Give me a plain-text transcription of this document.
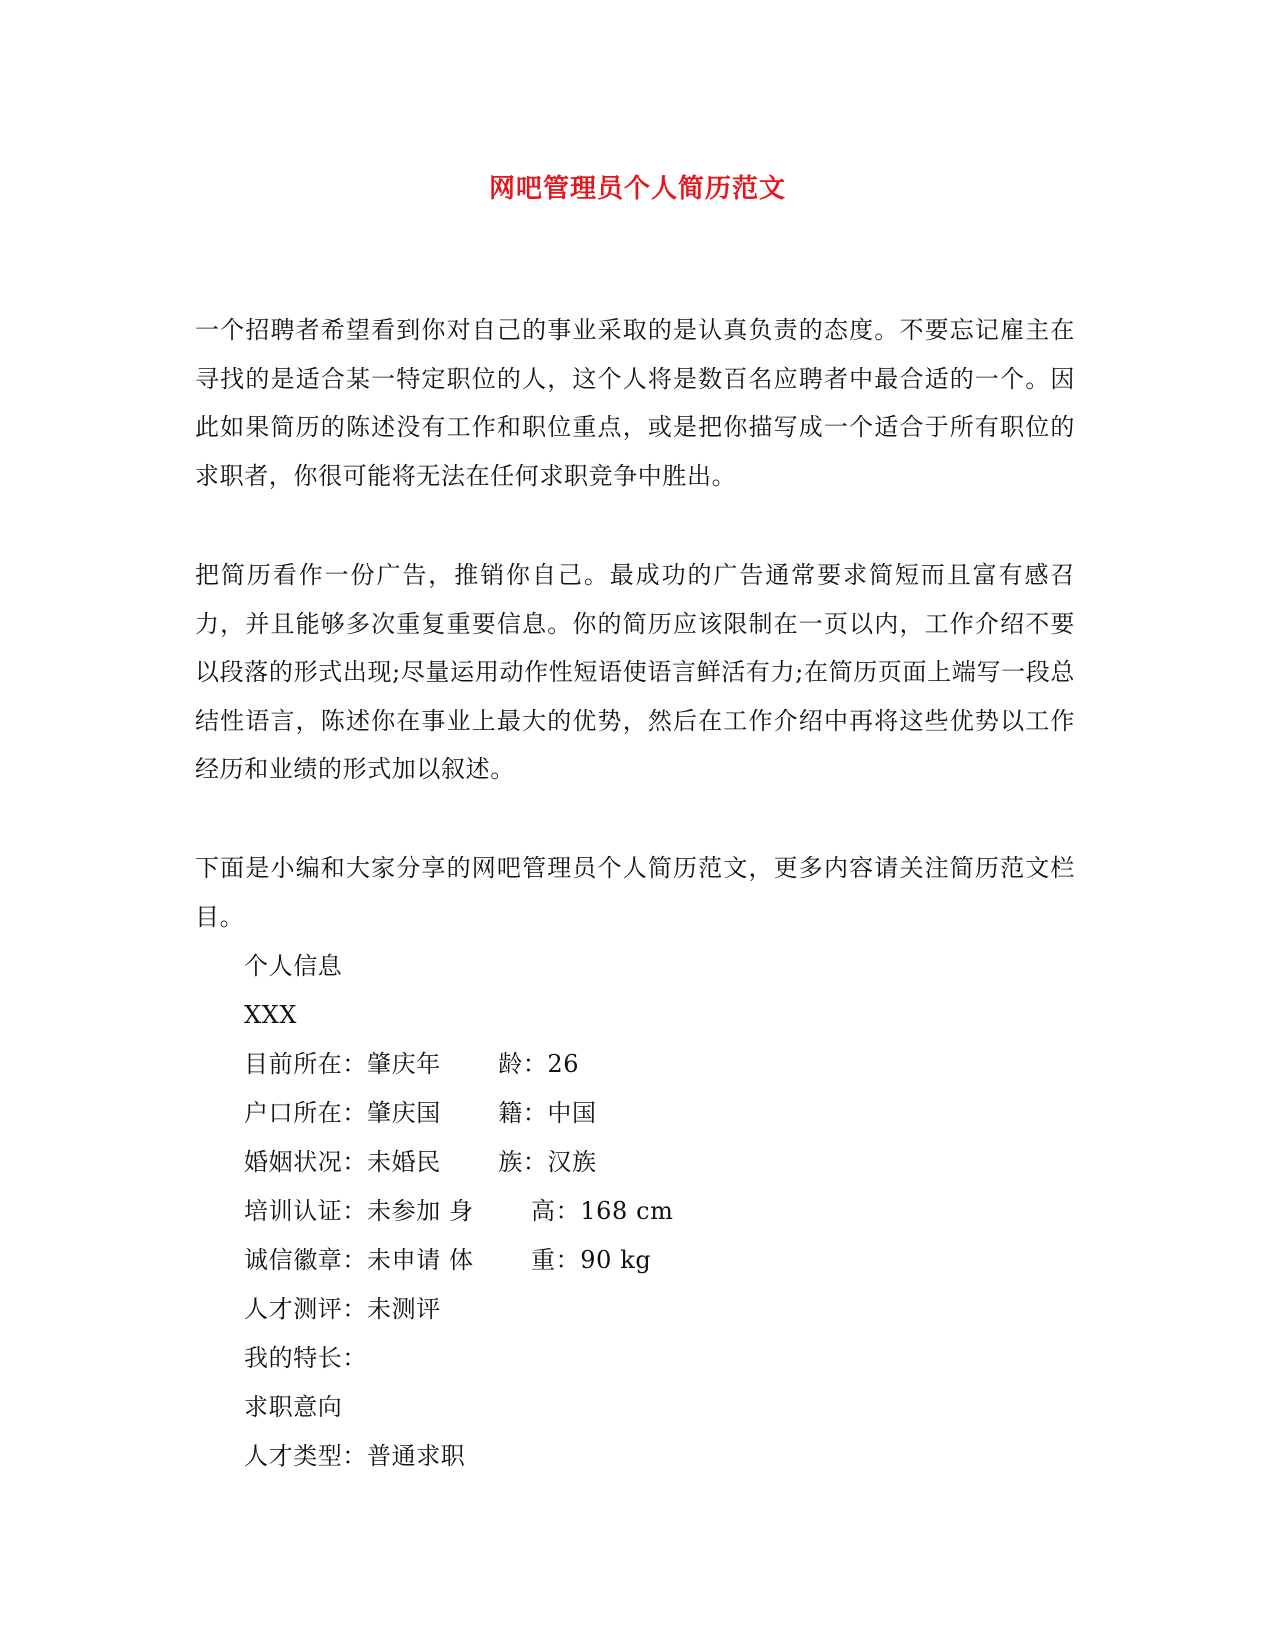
网吧管理员个人简历范文
一个招聘者希望看到你对自己的事业采取的是认真负责的态度。不要忘记雇主在寻找的是适合某一特定职位的人，这个人将是数百名应聘者中最合适的一个。因此如果简历的陈述没有工作和职位重点，或是把你描写成一个适合于所有职位的求职者，你很可能将无法在任何求职竞争中胜出。
把简历看作一份广告，推销你自己。最成功的广告通常要求简短而且富有感召力，并且能够多次重复重要信息。你的简历应该限制在一页以内，工作介绍不要以段落的形式出现;尽量运用动作性短语使语言鲜活有力;在简历页面上端写一段总结性语言，陈述你在事业上最大的优势，然后在工作介绍中再将这些优势以工作经历和业绩的形式加以叙述。
下面是小编和大家分享的网吧管理员个人简历范文，更多内容请关注简历范文栏目。
个人信息
XXX
目前所在：肇庆年　　 龄：26
户口所在：肇庆国　　 籍：中国
婚姻状况：未婚民　　 族：汉族
培训认证：未参加 身　　 高：168 cm
诚信徽章：未申请 体　　 重：90 kg
人才测评：未测评
我的特长：
求职意向
人才类型：普通求职
